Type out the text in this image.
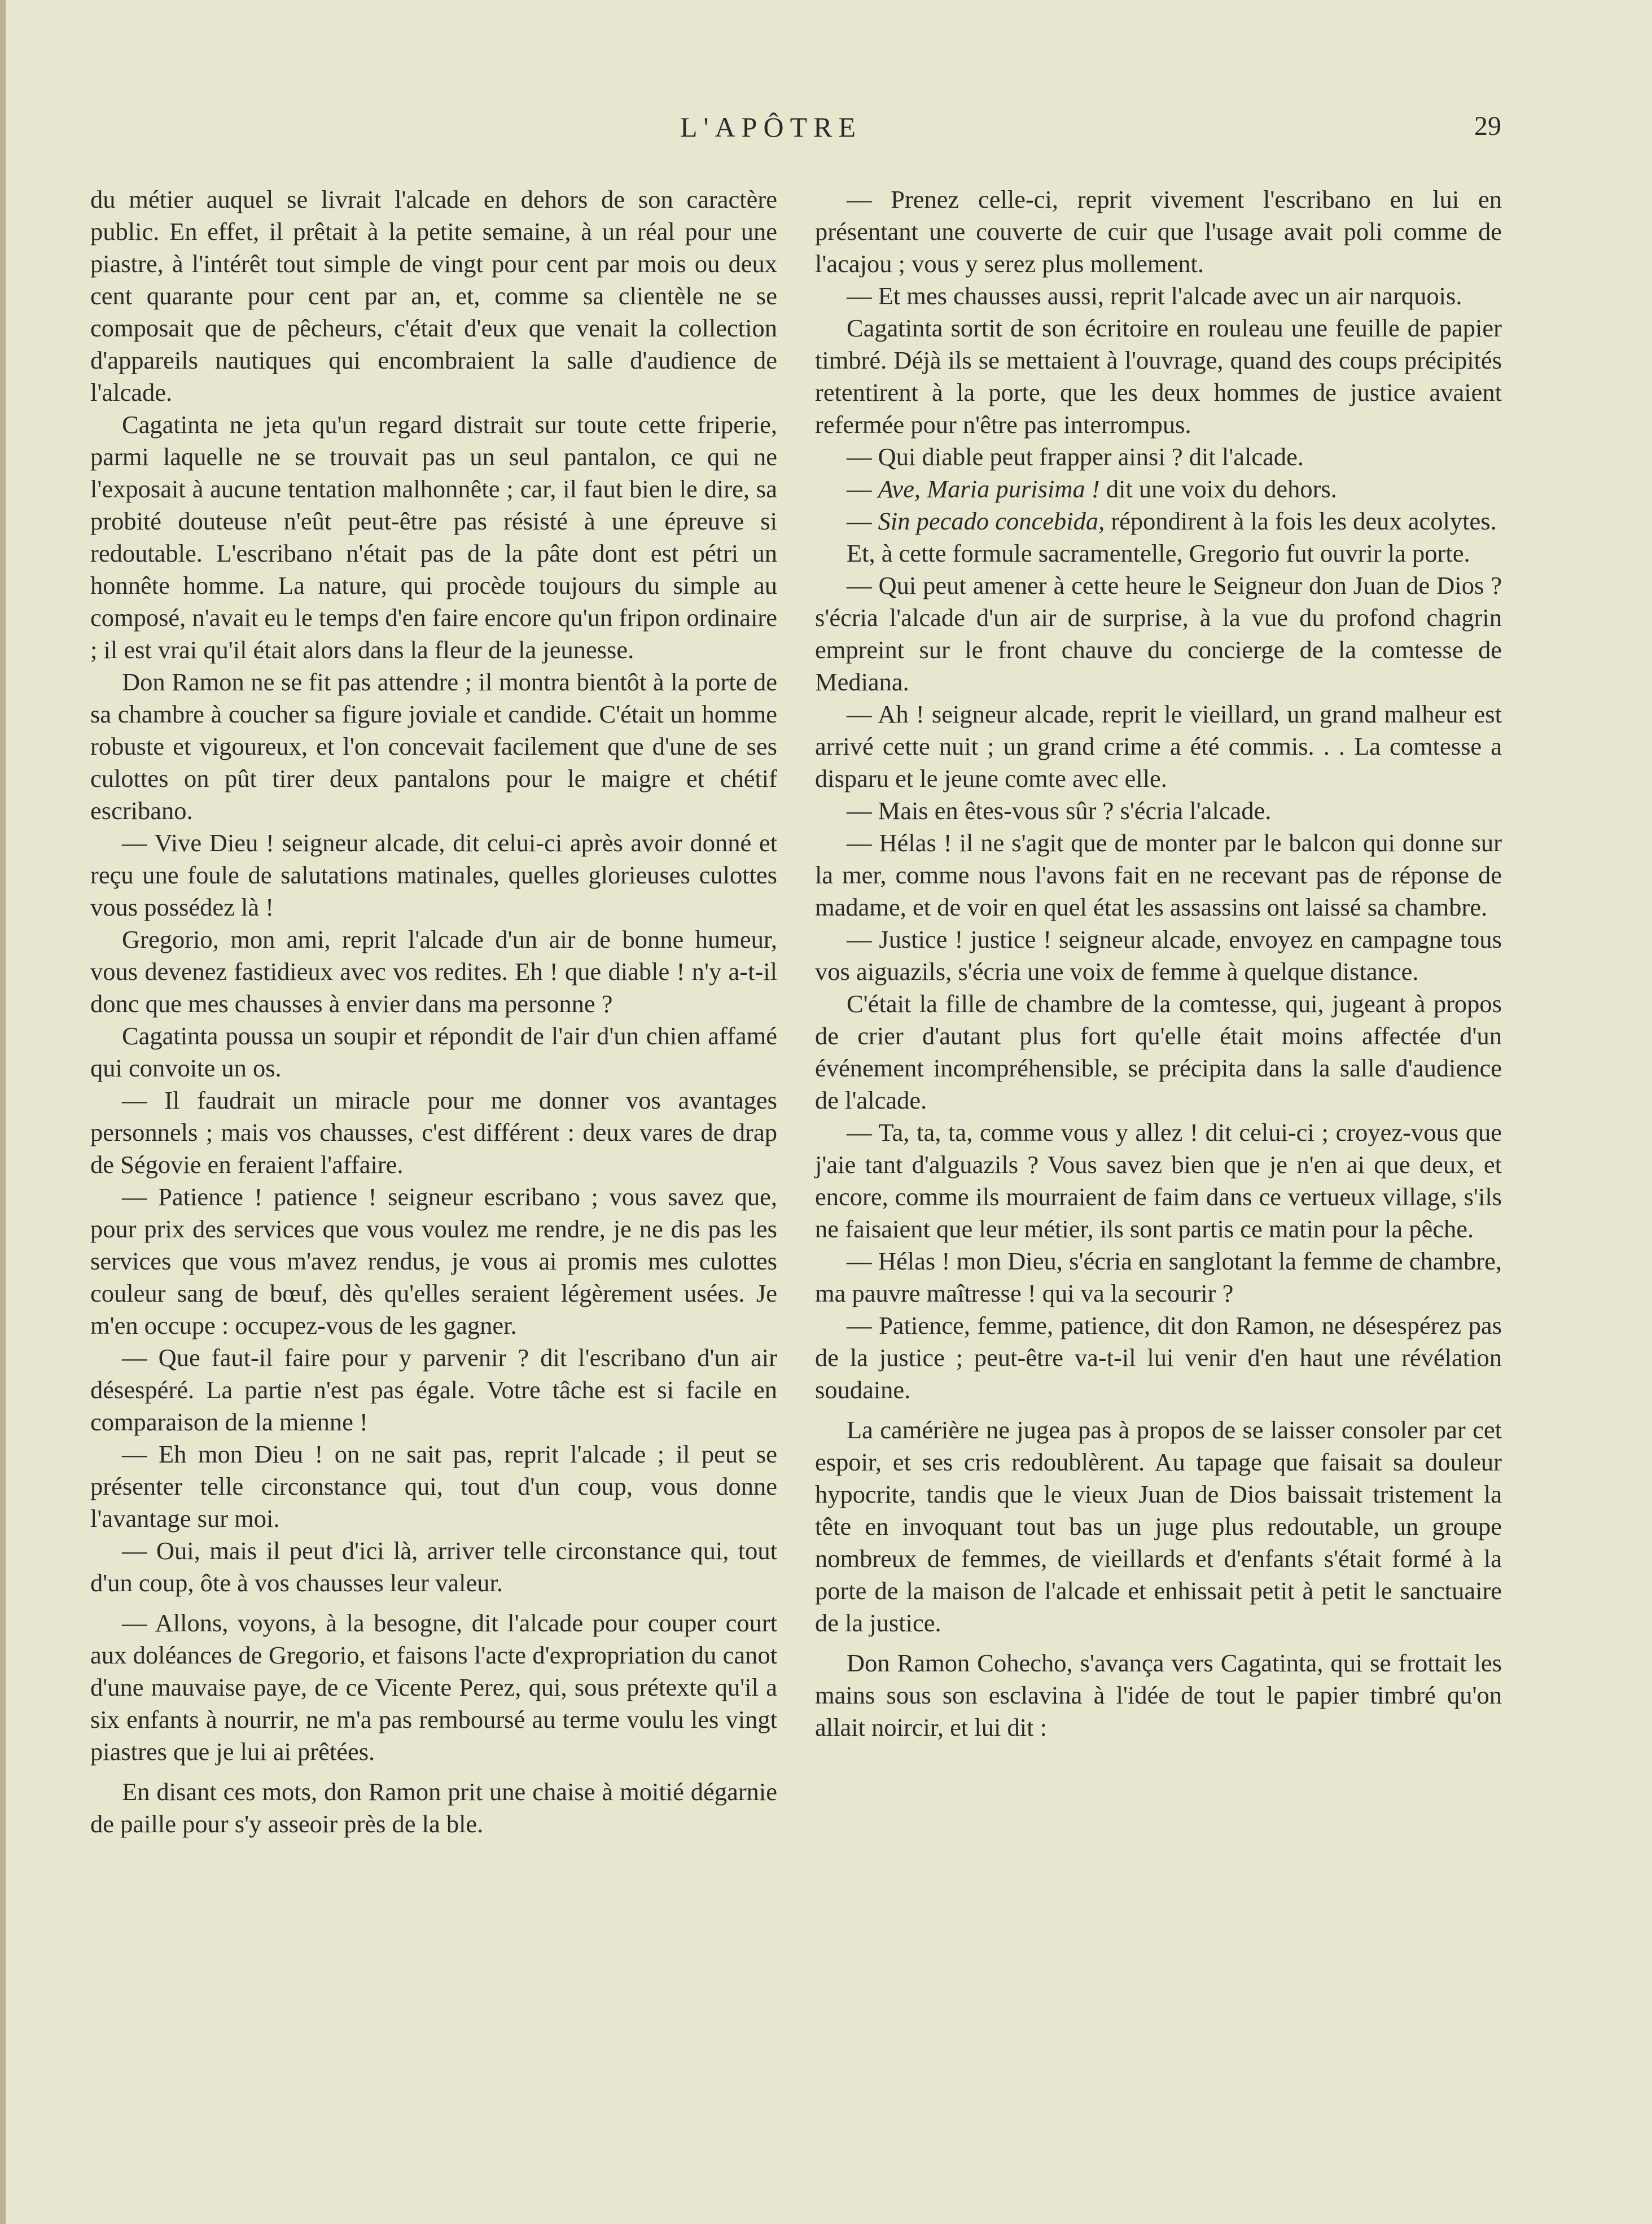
L'APÔTRE	29

du métier auquel se livrait l'alcade en dehors de son caractère public. En effet, il prêtait à la petite semaine, à un réal pour une piastre, à l'intérêt tout simple de vingt pour cent par mois ou deux cent quarante pour cent par an, et, comme sa clientèle ne se composait que de pêcheurs, c'était d'eux que venait la collection d'appareils nautiques qui encombraient la salle d'audience de l'alcade.

Cagatinta ne jeta qu'un regard distrait sur toute cette friperie, parmi laquelle ne se trouvait pas un seul pantalon, ce qui ne l'exposait à aucune tentation malhonnête ; car, il faut bien le dire, sa probité douteuse n'eût peut-être pas résisté à une épreuve si redoutable. L'escribano n'était pas de la pâte dont est pétri un honnête homme. La nature, qui procède toujours du simple au composé, n'avait eu le temps d'en faire encore qu'un fripon ordinaire ; il est vrai qu'il était alors dans la fleur de la jeunesse.

Don Ramon ne se fit pas attendre ; il montra bientôt à la porte de sa chambre à coucher sa figure joviale et candide. C'était un homme robuste et vigoureux, et l'on concevait facilement que d'une de ses culottes on pût tirer deux pantalons pour le maigre et chétif escribano.

— Vive Dieu ! seigneur alcade, dit celui-ci après avoir donné et reçu une foule de salutations matinales, quelles glorieuses culottes vous possédez là !

Gregorio, mon ami, reprit l'alcade d'un air de bonne humeur, vous devenez fastidieux avec vos redites. Eh ! que diable ! n'y a-t-il donc que mes chausses à envier dans ma personne ?

Cagatinta poussa un soupir et répondit de l'air d'un chien affamé qui convoite un os.

— Il faudrait un miracle pour me donner vos avantages personnels ; mais vos chausses, c'est différent : deux vares de drap de Ségovie en feraient l'affaire.

— Patience ! patience ! seigneur escribano ; vous savez que, pour prix des services que vous voulez me rendre, je ne dis pas les services que vous m'avez rendus, je vous ai promis mes culottes couleur sang de bœuf, dès qu'elles seraient légèrement usées. Je m'en occupe : occupez-vous de les gagner.

— Que faut-il faire pour y parvenir ? dit l'escribano d'un air désespéré. La partie n'est pas égale. Votre tâche est si facile en comparaison de la mienne !

— Eh mon Dieu ! on ne sait pas, reprit l'alcade ; il peut se présenter telle circonstance qui, tout d'un coup, vous donne l'avantage sur moi.

— Oui, mais il peut d'ici là, arriver telle circonstance qui, tout d'un coup, ôte à vos chausses leur valeur.

— Allons, voyons, à la besogne, dit l'alcade pour couper court aux doléances de Gregorio, et faisons l'acte d'expropriation du canot d'une mauvaise paye, de ce Vicente Perez, qui, sous prétexte qu'il a six enfants à nourrir, ne m'a pas remboursé au terme voulu les vingt piastres que je lui ai prêtées.

En disant ces mots, don Ramon prit une chaise à moitié dégarnie de paille pour s'y asseoir près de la ble.

— Prenez celle-ci, reprit vivement l'escribano en lui en présentant une couverte de cuir que l'usage avait poli comme de l'acajou ; vous y serez plus mollement.

— Et mes chausses aussi, reprit l'alcade avec un air narquois.

Cagatinta sortit de son écritoire en rouleau une feuille de papier timbré. Déjà ils se mettaient à l'ouvrage, quand des coups précipités retentirent à la porte, que les deux hommes de justice avaient refermée pour n'être pas interrompus.

— Qui diable peut frapper ainsi ? dit l'alcade.

— Ave, Maria purisima ! dit une voix du dehors.

— Sin pecado concebida, répondirent à la fois les deux acolytes.

Et, à cette formule sacramentelle, Gregorio fut ouvrir la porte.

— Qui peut amener à cette heure le Seigneur don Juan de Dios ? s'écria l'alcade d'un air de surprise, à la vue du profond chagrin empreint sur le front chauve du concierge de la comtesse de Mediana.

— Ah ! seigneur alcade, reprit le vieillard, un grand malheur est arrivé cette nuit ; un grand crime a été commis. . . La comtesse a disparu et le jeune comte avec elle.

— Mais en êtes-vous sûr ? s'écria l'alcade.

— Hélas ! il ne s'agit que de monter par le balcon qui donne sur la mer, comme nous l'avons fait en ne recevant pas de réponse de madame, et de voir en quel état les assassins ont laissé sa chambre.

— Justice ! justice ! seigneur alcade, envoyez en campagne tous vos aiguazils, s'écria une voix de femme à quelque distance.

C'était la fille de chambre de la comtesse, qui, jugeant à propos de crier d'autant plus fort qu'elle était moins affectée d'un événement incompréhensible, se précipita dans la salle d'audience de l'alcade.

— Ta, ta, ta, comme vous y allez ! dit celui-ci ; croyez-vous que j'aie tant d'alguazils ? Vous savez bien que je n'en ai que deux, et encore, comme ils mourraient de faim dans ce vertueux village, s'ils ne faisaient que leur métier, ils sont partis ce matin pour la pêche.

— Hélas ! mon Dieu, s'écria en sanglotant la femme de chambre, ma pauvre maîtresse ! qui va la secourir ?

— Patience, femme, patience, dit don Ramon, ne désespérez pas de la justice ; peut-être va-t-il lui venir d'en haut une révélation soudaine.

La camérière ne jugea pas à propos de se laisser consoler par cet espoir, et ses cris redoublèrent. Au tapage que faisait sa douleur hypocrite, tandis que le vieux Juan de Dios baissait tristement la tête en invoquant tout bas un juge plus redoutable, un groupe nombreux de femmes, de vieillards et d'enfants s'était formé à la porte de la maison de l'alcade et enhissait petit à petit le sanctuaire de la justice.

Don Ramon Cohecho, s'avança vers Cagatinta, qui se frottait les mains sous son esclavina à l'idée de tout le papier timbré qu'on allait noircir, et lui dit :
